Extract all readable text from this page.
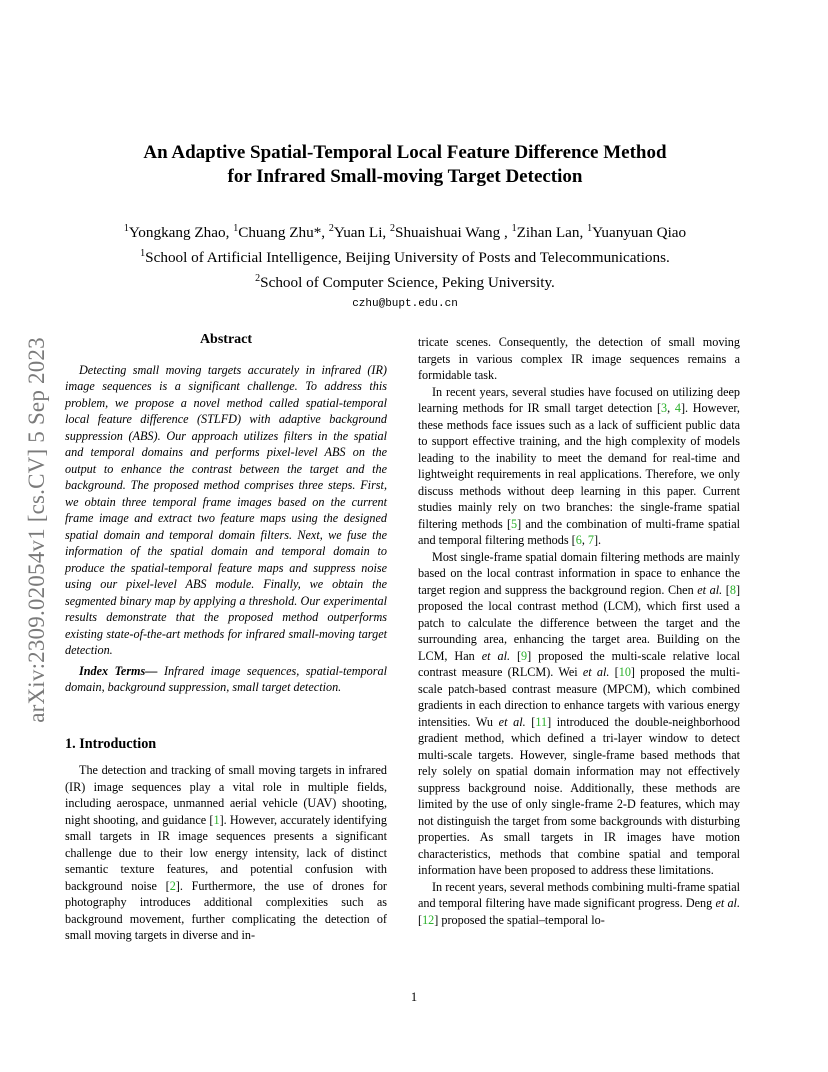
arXiv:2309.02054v1 [cs.CV] 5 Sep 2023
An Adaptive Spatial-Temporal Local Feature Difference Method
for Infrared Small-moving Target Detection
$^1$Yongkang Zhao, $^1$Chuang Zhu*, $^2$Yuan Li, $^2$Shuaishuai Wang , $^1$Zihan Lan, $^1$Yuanyuan Qiao
$^1$School of Artificial Intelligence, Beijing University of Posts and Telecommunications.
$^2$School of Computer Science, Peking University.
czhu@bupt.edu.cn
Abstract

Detecting small moving targets accurately in infrared (IR) image sequences is a significant challenge. To address this problem, we propose a novel method called spatial-temporal local feature difference (STLFD) with adaptive background suppression (ABS). Our approach utilizes filters in the spatial and temporal domains and performs pixel-level ABS on the output to enhance the contrast between the target and the background. The proposed method comprises three steps. First, we obtain three temporal frame images based on the current frame image and extract two feature maps using the designed spatial domain and temporal domain filters. Next, we fuse the information of the spatial domain and temporal domain to produce the spatial-temporal feature maps and suppress noise using our pixel-level ABS module. Finally, we obtain the segmented binary map by applying a threshold. Our experimental results demonstrate that the proposed method outperforms existing state-of-the-art methods for infrared small-moving target detection.

Index Terms— Infrared image sequences, spatial-temporal domain, background suppression, small target detection.

1. Introduction

The detection and tracking of small moving targets in infrared (IR) image sequences play a vital role in multiple fields, including aerospace, unmanned aerial vehicle (UAV) shooting, night shooting, and guidance [1]. However, accurately identifying small targets in IR image sequences presents a significant challenge due to their low energy intensity, lack of distinct semantic texture features, and potential confusion with background noise [2]. Furthermore, the use of drones for photography introduces additional complexities such as background movement, further complicating the detection of small moving targets in diverse and in-

tricate scenes. Consequently, the detection of small moving targets in various complex IR image sequences remains a formidable task.

In recent years, several studies have focused on utilizing deep learning methods for IR small target detection [3, 4]. However, these methods face issues such as a lack of sufficient public data to support effective training, and the high complexity of models leading to the inability to meet the demand for real-time and lightweight requirements in real applications. Therefore, we only discuss methods without deep learning in this paper. Current studies mainly rely on two branches: the single-frame spatial filtering methods [5] and the combination of multi-frame spatial and temporal filtering methods [6, 7].

Most single-frame spatial domain filtering methods are mainly based on the local contrast information in space to enhance the target region and suppress the background region. Chen et al. [8] proposed the local contrast method (LCM), which first used a patch to calculate the difference between the target and the surrounding area, enhancing the target area. Building on the LCM, Han et al. [9] proposed the multi-scale relative local contrast measure (RLCM). Wei et al. [10] proposed the multi-scale patch-based contrast measure (MPCM), which combined gradients in each direction to enhance targets with various energy intensities. Wu et al. [11] introduced the double-neighborhood gradient method, which defined a tri-layer window to detect multi-scale targets. However, single-frame based methods that rely solely on spatial domain information may not effectively suppress background noise. Additionally, these methods are limited by the use of only single-frame 2-D features, which may not distinguish the target from some backgrounds with disturbing properties. As small targets in IR images have motion characteristics, methods that combine spatial and temporal information have been proposed to address these limitations.

In recent years, several methods combining multi-frame spatial and temporal filtering have made significant progress. Deng et al. [12] proposed the spatial–temporal lo-

1
